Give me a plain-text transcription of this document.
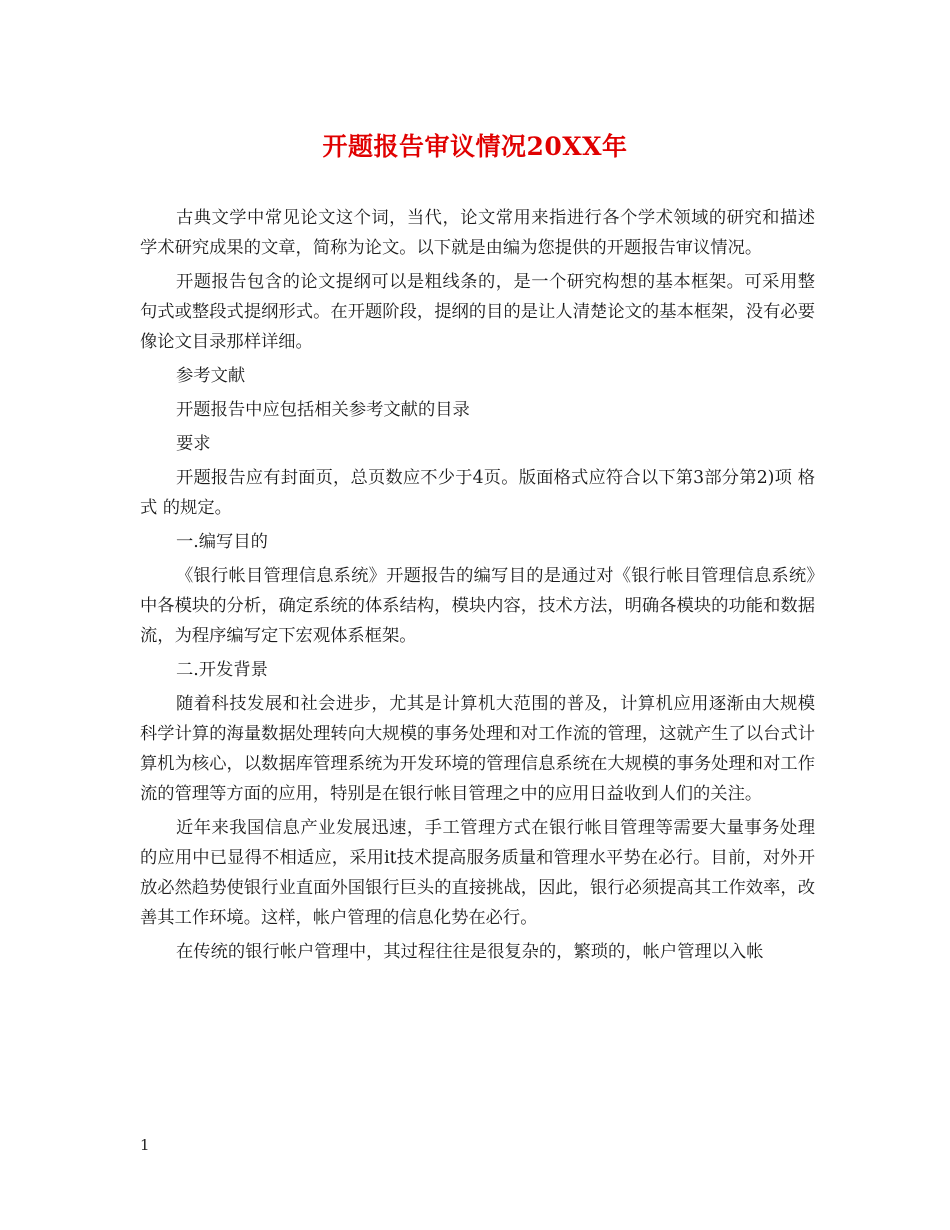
开题报告审议情况20XX年

古典文学中常见论文这个词，当代，论文常用来指进行各个学术领域的研究和描述学术研究成果的文章，简称为论文。以下就是由编为您提供的开题报告审议情况。

开题报告包含的论文提纲可以是粗线条的，是一个研究构想的基本框架。可采用整句式或整段式提纲形式。在开题阶段，提纲的目的是让人清楚论文的基本框架，没有必要像论文目录那样详细。

参考文献

开题报告中应包括相关参考文献的目录

要求

开题报告应有封面页，总页数应不少于4页。版面格式应符合以下第3部分第2)项 格式 的规定。

一.编写目的

《银行帐目管理信息系统》开题报告的编写目的是通过对《银行帐目管理信息系统》中各模块的分析，确定系统的体系结构，模块内容，技术方法，明确各模块的功能和数据流，为程序编写定下宏观体系框架。

二.开发背景

随着科技发展和社会进步，尤其是计算机大范围的普及，计算机应用逐渐由大规模科学计算的海量数据处理转向大规模的事务处理和对工作流的管理，这就产生了以台式计算机为核心，以数据库管理系统为开发环境的管理信息系统在大规模的事务处理和对工作流的管理等方面的应用，特别是在银行帐目管理之中的应用日益收到人们的关注。

近年来我国信息产业发展迅速，手工管理方式在银行帐目管理等需要大量事务处理的应用中已显得不相适应，采用it技术提高服务质量和管理水平势在必行。目前，对外开放必然趋势使银行业直面外国银行巨头的直接挑战，因此，银行必须提高其工作效率，改善其工作环境。这样，帐户管理的信息化势在必行。

在传统的银行帐户管理中，其过程往往是很复杂的，繁琐的，帐户管理以入帐

1
